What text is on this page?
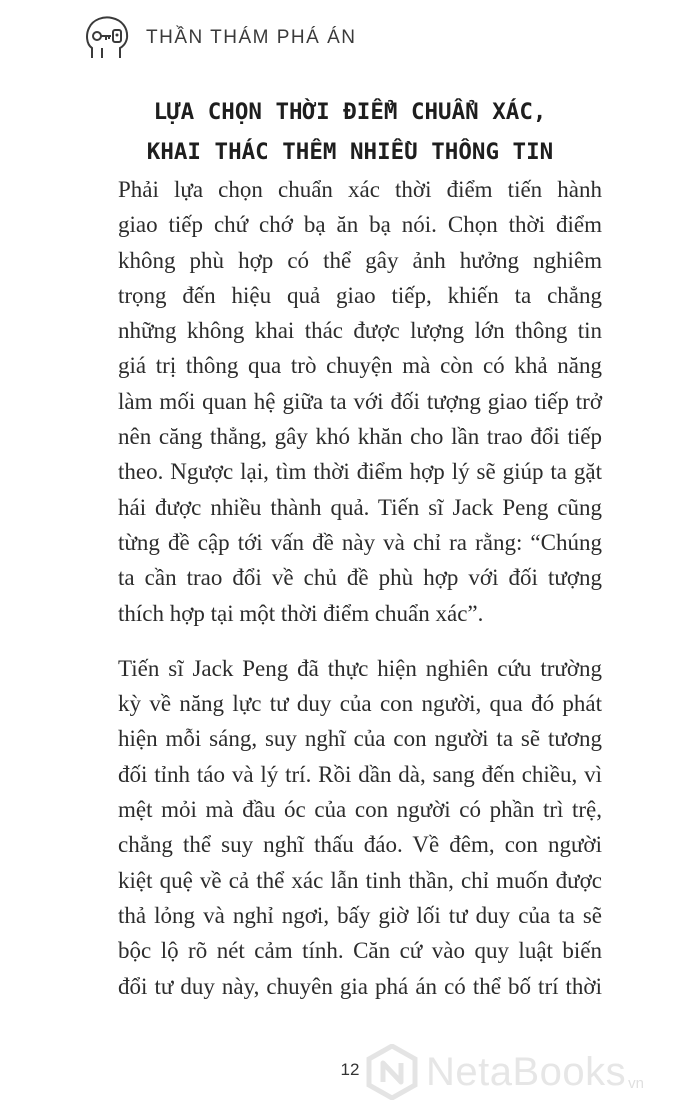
THẦN THÁM PHÁ ÁN
LỰA CHỌN THỜI ĐIỂM CHUẨN XÁC,
KHAI THÁC THÊM NHIỀU THÔNG TIN
Phải lựa chọn chuẩn xác thời điểm tiến hành
giao tiếp chứ chớ bạ ăn bạ nói. Chọn thời điểm
không phù hợp có thể gây ảnh hưởng nghiêm
trọng đến hiệu quả giao tiếp, khiến ta chẳng
những không khai thác được lượng lớn thông tin
giá trị thông qua trò chuyện mà còn có khả năng
làm mối quan hệ giữa ta với đối tượng giao tiếp trở
nên căng thẳng, gây khó khăn cho lần trao đổi tiếp
theo. Ngược lại, tìm thời điểm hợp lý sẽ giúp ta gặt
hái được nhiều thành quả. Tiến sĩ Jack Peng cũng
từng đề cập tới vấn đề này và chỉ ra rằng: “Chúng
ta cần trao đổi về chủ đề phù hợp với đối tượng
thích hợp tại một thời điểm chuẩn xác”.
Tiến sĩ Jack Peng đã thực hiện nghiên cứu trường
kỳ về năng lực tư duy của con người, qua đó phát
hiện mỗi sáng, suy nghĩ của con người ta sẽ tương
đối tỉnh táo và lý trí. Rồi dần dà, sang đến chiều, vì
mệt mỏi mà đầu óc của con người có phần trì trệ,
chẳng thể suy nghĩ thấu đáo. Về đêm, con người
kiệt quệ về cả thể xác lẫn tinh thần, chỉ muốn được
thả lỏng và nghỉ ngơi, bấy giờ lối tư duy của ta sẽ
bộc lộ rõ nét cảm tính. Căn cứ vào quy luật biến
đổi tư duy này, chuyên gia phá án có thể bố trí thời
12	NetaBooks vn
